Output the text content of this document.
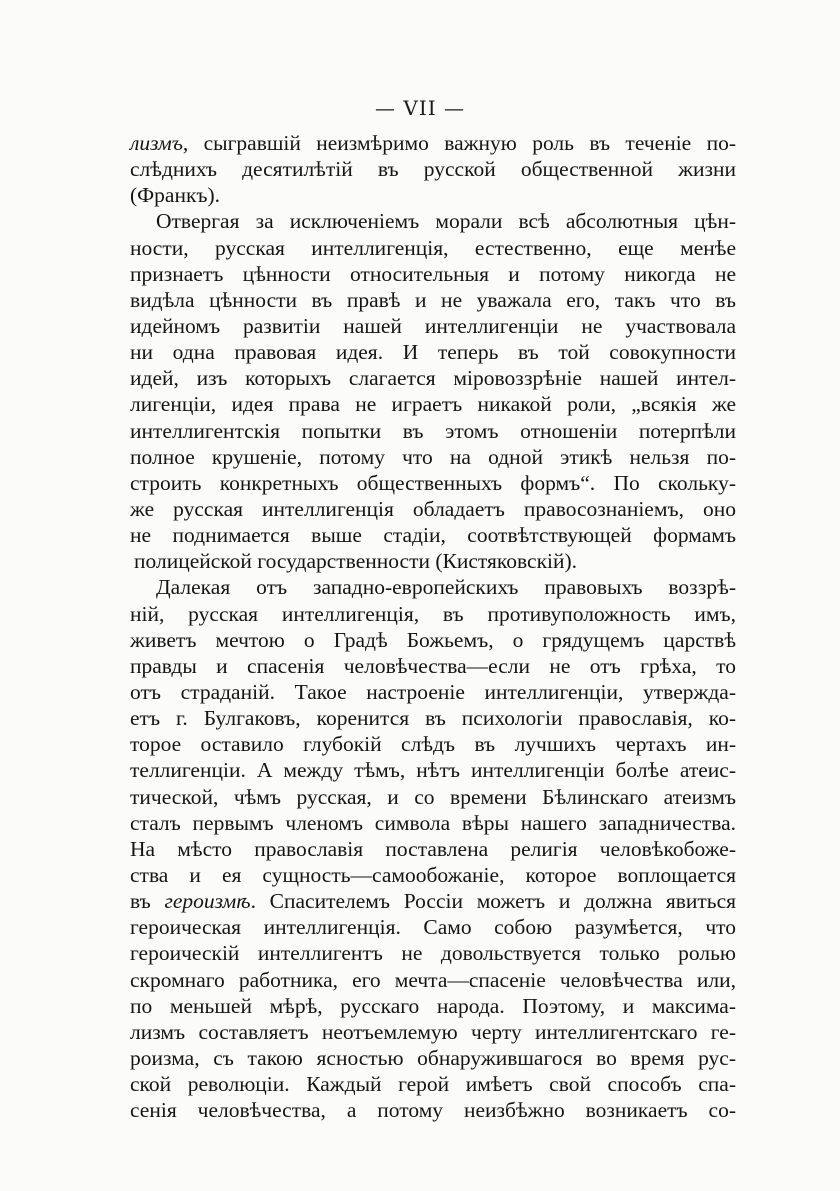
— VII —
лизмъ, сыгравшій неизмѣримо важную роль въ теченіе по-
слѣднихъ десятилѣтій въ русской общественной жизни
(Франкъ).
Отвергая за исключеніемъ морали всѣ абсолютныя цѣн-
ности, русская интеллигенція, естественно, еще менѣе
признаетъ цѣнности относительныя и потому никогда не
видѣла цѣнности въ правѣ и не уважала его, такъ что въ
идейномъ развитіи нашей интеллигенціи не участвовала
ни одна правовая идея. И теперь въ той совокупности
идей, изъ которыхъ слагается міровоззрѣніе нашей интел-
лигенціи, идея права не играетъ никакой роли, „всякія же
интеллигентскія попытки въ этомъ отношеніи потерпѣли
полное крушеніе, потому что на одной этикѣ нельзя по-
строить конкретныхъ общественныхъ формъ“. По скольку-
же русская интеллигенція обладаетъ правосознаніемъ, оно
не поднимается выше стадіи, соотвѣтствующей формамъ
полицейской государственности (Кистяковскій).
Далекая отъ западно-европейскихъ правовыхъ воззрѣ-
ній, русская интеллигенція, въ противуположность имъ,
живетъ мечтою о Градѣ Божьемъ, о грядущемъ царствѣ
правды и спасенія человѣчества—если не отъ грѣха, то
отъ страданій. Такое настроеніе интеллигенціи, утвержда-
етъ г. Булгаковъ, коренится въ психологіи православія, ко-
торое оставило глубокій слѣдъ въ лучшихъ чертахъ ин-
теллигенціи. А между тѣмъ, нѣтъ интеллигенціи болѣе атеис-
тической, чѣмъ русская, и со времени Бѣлинскаго атеизмъ
сталъ первымъ членомъ символа вѣры нашего западничества.
На мѣсто православія поставлена религія человѣкобоже-
ства и ея сущность—самообожаніе, которое воплощается
въ героизмѣ. Спасителемъ Россіи можетъ и должна явиться
героическая интеллигенція. Само собою разумѣется, что
героическій интеллигентъ не довольствуется только ролью
скромнаго работника, его мечта—спасеніе человѣчества или,
по меньшей мѣрѣ, русскаго народа. Поэтому, и максима-
лизмъ составляетъ неотъемлемую черту интеллигентскаго ге-
роизма, съ такою ясностью обнаружившагося во время рус-
ской революціи. Каждый герой имѣетъ свой способъ спа-
сенія человѣчества, а потому неизбѣжно возникаетъ со-
